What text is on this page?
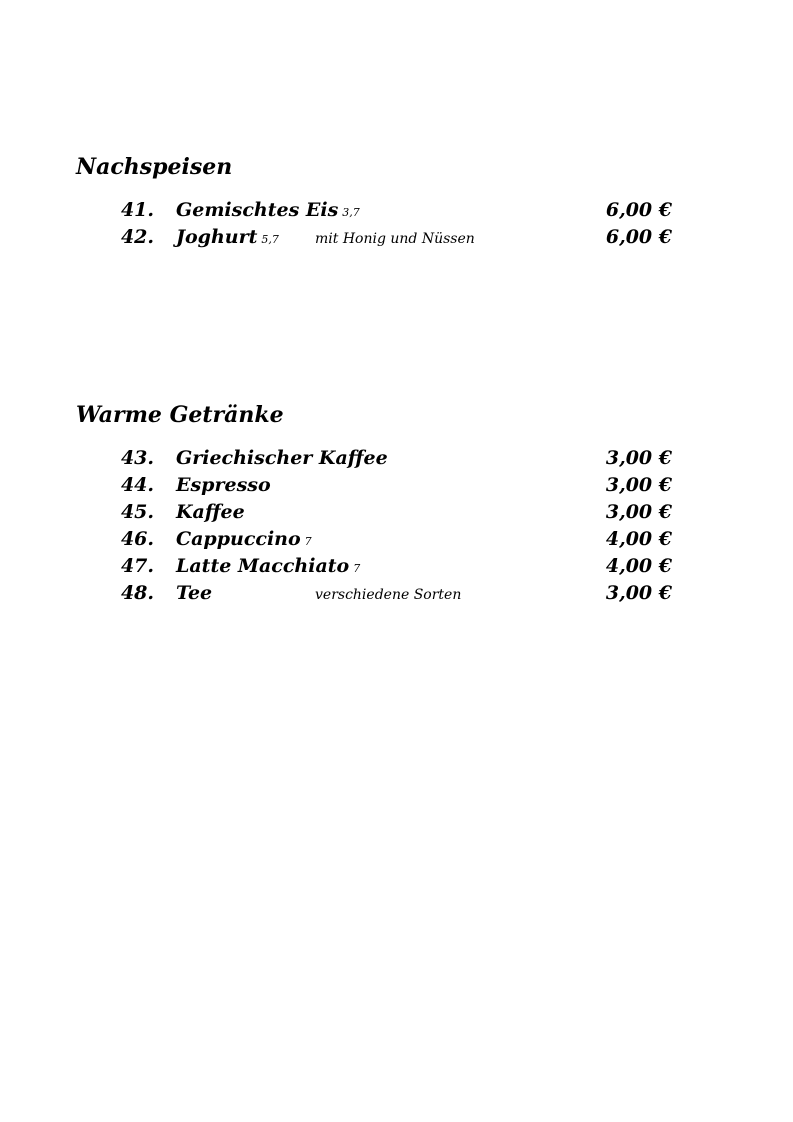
Nachspeisen
41. Gemischtes Eis 3,7	6,00 €
42. Joghurt 5,7	mit Honig und Nüssen	6,00 €
Warme Getränke
43. Griechischer Kaffee	3,00 €
44. Espresso	3,00 €
45. Kaffee	3,00 €
46. Cappuccino 7	4,00 €
47. Latte Macchiato 7	4,00 €
48. Tee	verschiedene Sorten	3,00 €
